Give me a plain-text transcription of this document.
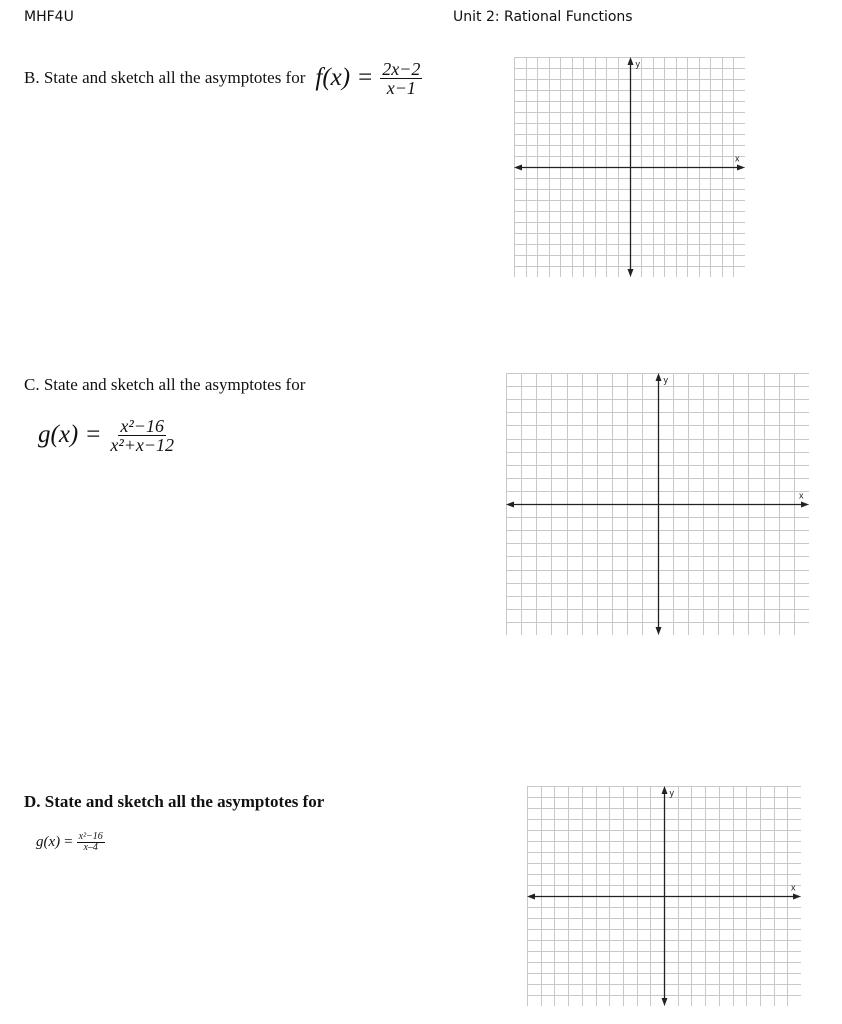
MHF4U	Unit 2: Rational Functions
B. State and sketch all the asymptotes for $f(x) = \frac{2x-2}{x-1}$
C. State and sketch all the asymptotes for
$g(x) = \frac{\text{x²−16}}{\text{x²+x−12}}$
D. State and sketch all the asymptotes for
$g(x) = \frac{\text{x²−16}}{x-4}$
x
y
x
y
x
y
